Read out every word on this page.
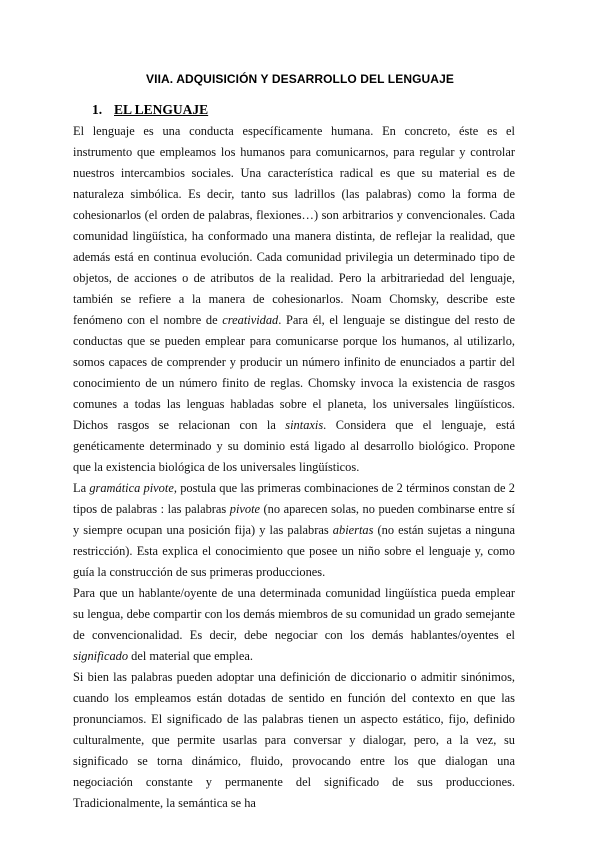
VIIA. ADQUISICIÓN Y DESARROLLO DEL LENGUAJE
1. EL LENGUAJE

El lenguaje es una conducta específicamente humana. En concreto, éste es el instrumento que empleamos los humanos para comunicarnos, para regular y controlar nuestros intercambios sociales. Una característica radical es que su material es de naturaleza simbólica. Es decir, tanto sus ladrillos (las palabras) como la forma de cohesionarlos (el orden de palabras, flexiones…) son arbitrarios y convencionales. Cada comunidad lingüística, ha conformado una manera distinta, de reflejar la realidad, que además está en continua evolución. Cada comunidad privilegia un determinado tipo de objetos, de acciones o de atributos de la realidad. Pero la arbitrariedad del lenguaje, también se refiere a la manera de cohesionarlos. Noam Chomsky, describe este fenómeno con el nombre de creatividad. Para él, el lenguaje se distingue del resto de conductas que se pueden emplear para comunicarse porque los humanos, al utilizarlo, somos capaces de comprender y producir un número infinito de enunciados a partir del conocimiento de un número finito de reglas. Chomsky invoca la existencia de rasgos comunes a todas las lenguas habladas sobre el planeta, los universales lingüísticos. Dichos rasgos se relacionan con la sintaxis. Considera que el lenguaje, está genéticamente determinado y su dominio está ligado al desarrollo biológico. Propone que la existencia biológica de los universales lingüísticos.

La gramática pivote, postula que las primeras combinaciones de 2 términos constan de 2 tipos de palabras : las palabras pivote (no aparecen solas, no pueden combinarse entre sí y siempre ocupan una posición fija) y las palabras abiertas (no están sujetas a ninguna restricción). Esta explica el conocimiento que posee un niño sobre el lenguaje y, como guía la construcción de sus primeras producciones.

Para que un hablante/oyente de una determinada comunidad lingüística pueda emplear su lengua, debe compartir con los demás miembros de su comunidad un grado semejante de convencionalidad. Es decir, debe negociar con los demás hablantes/oyentes el significado del material que emplea.

Si bien las palabras pueden adoptar una definición de diccionario o admitir sinónimos, cuando los empleamos están dotadas de sentido en función del contexto en que las pronunciamos. El significado de las palabras tienen un aspecto estático, fijo, definido culturalmente, que permite usarlas para conversar y dialogar, pero, a la vez, su significado se torna dinámico, fluido, provocando entre los que dialogan una negociación constante y permanente del significado de sus producciones. Tradicionalmente, la semántica se ha
